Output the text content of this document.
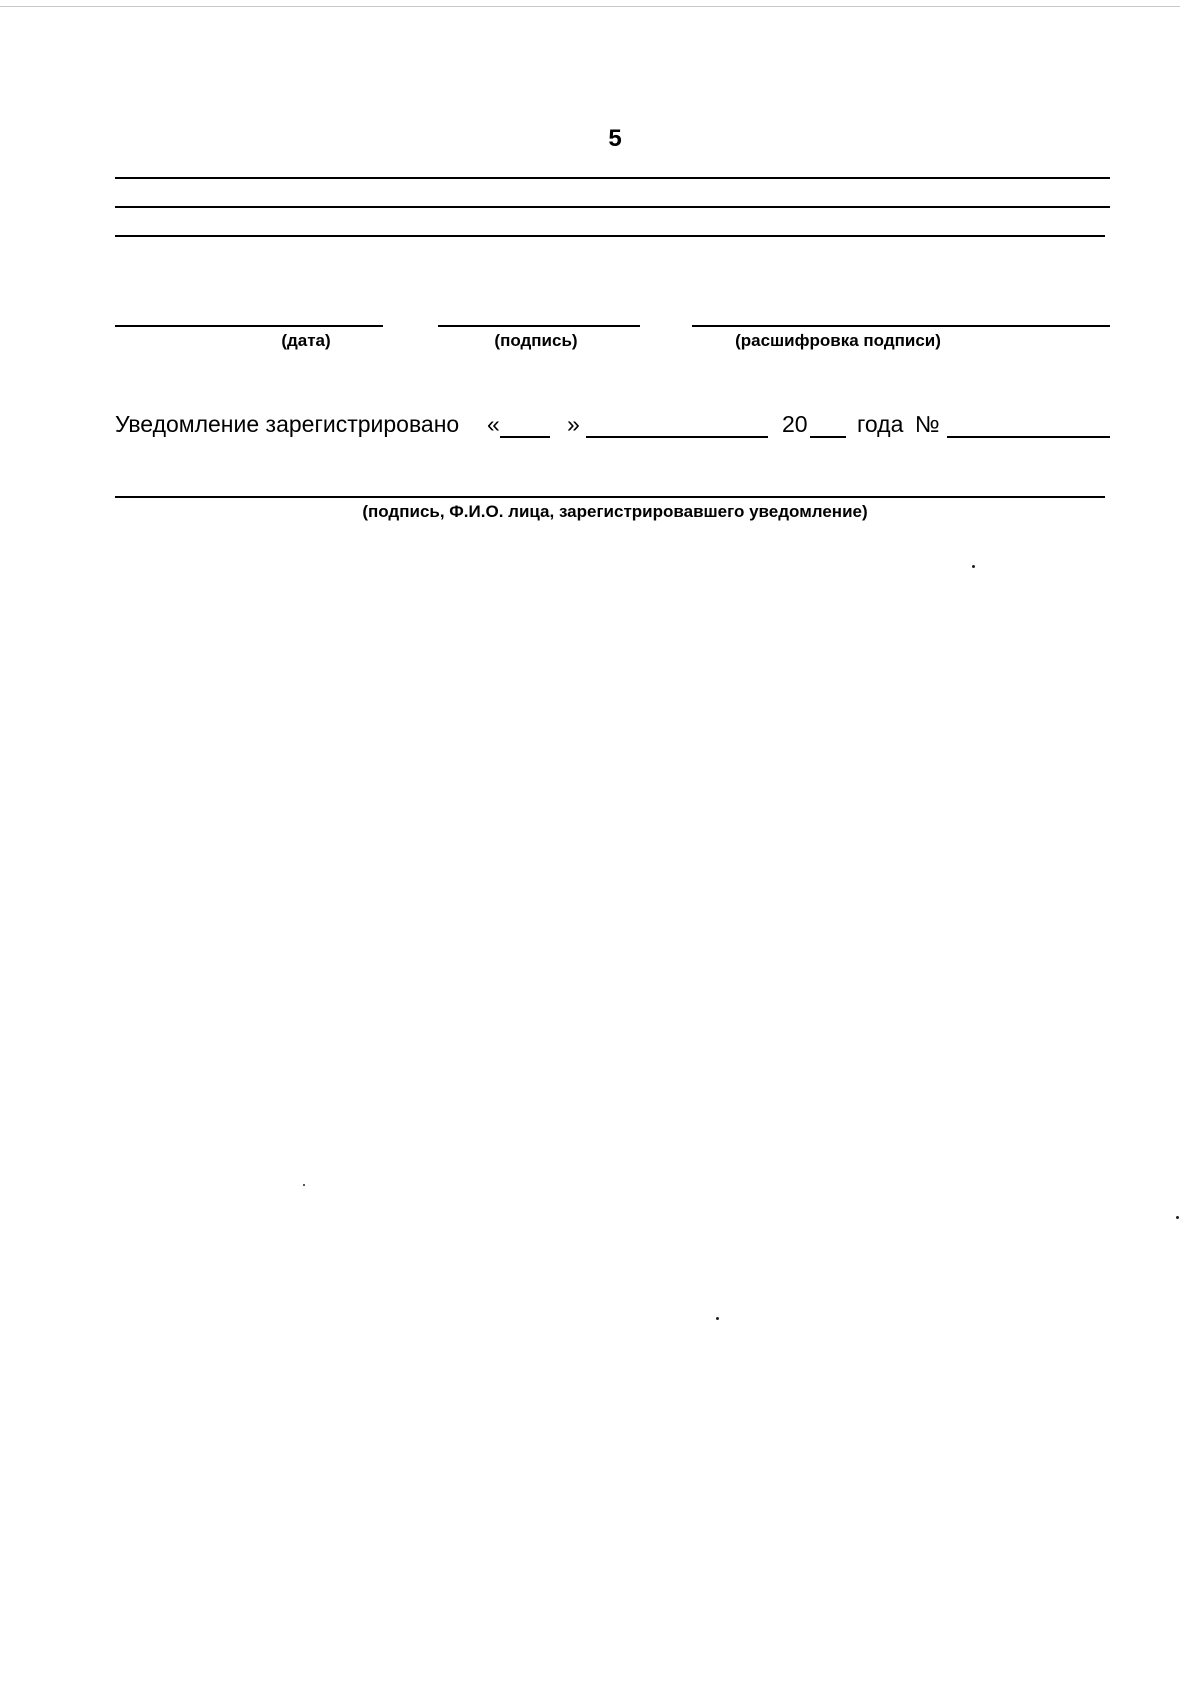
5
(дата)	(подпись)	(расшифровка подписи)
Уведомление зарегистрировано «	»	20 года №
(подпись, Ф.И.О. лица, зарегистрировавшего уведомление)
